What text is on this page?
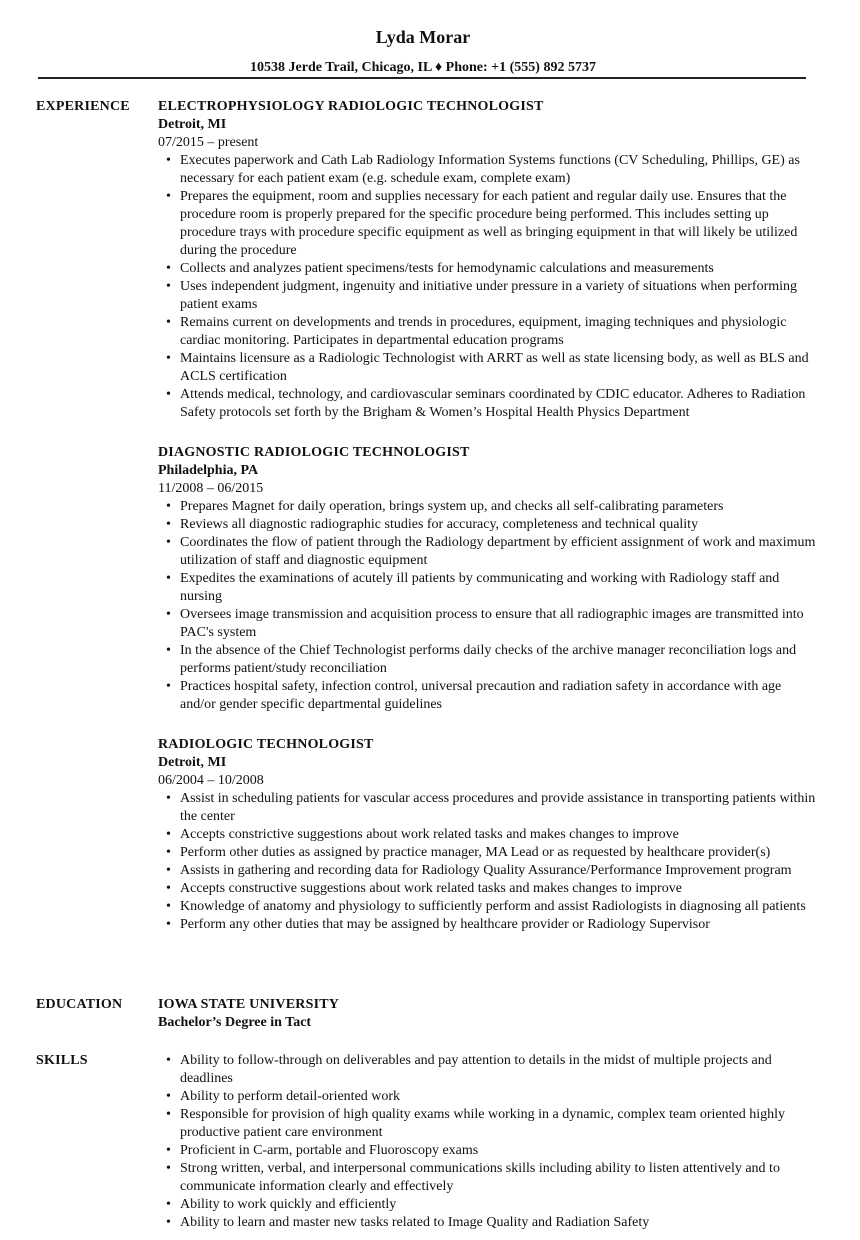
Lyda Morar
10538 Jerde Trail, Chicago, IL ♦ Phone: +1 (555) 892 5737
EXPERIENCE ELECTROPHYSIOLOGY RADIOLOGIC TECHNOLOGIST
Detroit, MI
07/2015 – present
• Executes paperwork and Cath Lab Radiology Information Systems functions (CV Scheduling, Phillips, GE) as necessary for each patient exam (e.g. schedule exam, complete exam)
• Prepares the equipment, room and supplies necessary for each patient and regular daily use. Ensures that the procedure room is properly prepared for the specific procedure being performed. This includes setting up procedure trays with procedure specific equipment as well as bringing equipment in that will likely be utilized during the procedure
• Collects and analyzes patient specimens/tests for hemodynamic calculations and measurements
• Uses independent judgment, ingenuity and initiative under pressure in a variety of situations when performing patient exams
• Remains current on developments and trends in procedures, equipment, imaging techniques and physiologic cardiac monitoring. Participates in departmental education programs
• Maintains licensure as a Radiologic Technologist with ARRT as well as state licensing body, as well as BLS and ACLS certification
• Attends medical, technology, and cardiovascular seminars coordinated by CDIC educator. Adheres to Radiation Safety protocols set forth by the Brigham & Women’s Hospital Health Physics Department
DIAGNOSTIC RADIOLOGIC TECHNOLOGIST
Philadelphia, PA
11/2008 – 06/2015
• Prepares Magnet for daily operation, brings system up, and checks all self-calibrating parameters
• Reviews all diagnostic radiographic studies for accuracy, completeness and technical quality
• Coordinates the flow of patient through the Radiology department by efficient assignment of work and maximum utilization of staff and diagnostic equipment
• Expedites the examinations of acutely ill patients by communicating and working with Radiology staff and nursing
• Oversees image transmission and acquisition process to ensure that all radiographic images are transmitted into PAC's system
• In the absence of the Chief Technologist performs daily checks of the archive manager reconciliation logs and performs patient/study reconciliation
• Practices hospital safety, infection control, universal precaution and radiation safety in accordance with age and/or gender specific departmental guidelines
RADIOLOGIC TECHNOLOGIST
Detroit, MI
06/2004 – 10/2008
• Assist in scheduling patients for vascular access procedures and provide assistance in transporting patients within the center
• Accepts constrictive suggestions about work related tasks and makes changes to improve
• Perform other duties as assigned by practice manager, MA Lead or as requested by healthcare provider(s)
• Assists in gathering and recording data for Radiology Quality Assurance/Performance Improvement program
• Accepts constructive suggestions about work related tasks and makes changes to improve
• Knowledge of anatomy and physiology to sufficiently perform and assist Radiologists in diagnosing all patients
• Perform any other duties that may be assigned by healthcare provider or Radiology Supervisor
EDUCATION	IOWA STATE UNIVERSITY
Bachelor’s Degree in Tact
SKILLS	• Ability to follow-through on deliverables and pay attention to details in the midst of multiple projects and deadlines
• Ability to perform detail-oriented work
• Responsible for provision of high quality exams while working in a dynamic, complex team oriented highly productive patient care environment
• Proficient in C-arm, portable and Fluoroscopy exams
• Strong written, verbal, and interpersonal communications skills including ability to listen attentively and to communicate information clearly and effectively
• Ability to work quickly and efficiently
• Ability to learn and master new tasks related to Image Quality and Radiation Safety
